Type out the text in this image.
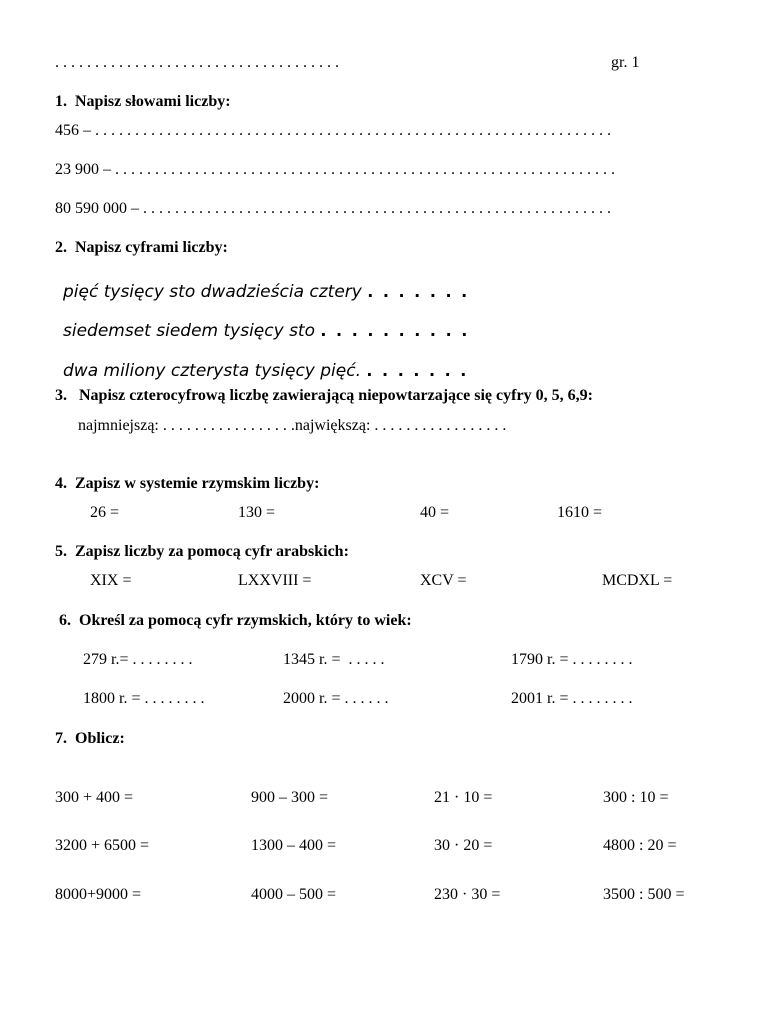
. . . . . . . . . . . . . . . . . . . . . . . . . . . . . . . . . . . .	gr. 1
1.  Napisz słowami liczby:
456 – . . . . . . . . . . . . . . . . . . . . . . . . . . . . . . . . . . . . . . . . . . . . . . . . . . . . . . . . . . . . . . . . .
23 900 – . . . . . . . . . . . . . . . . . . . . . . . . . . . . . . . . . . . . . . . . . . . . . . . . . . . . . . . . . . . . . . .
80 590 000 – . . . . . . . . . . . . . . . . . . . . . . . . . . . . . . . . . . . . . . . . . . . . . . . . . . . . . . . . . . .
2.  Napisz cyframi liczby:

pięć tysięcy sto dwadzieścia cztery . . . . . . .

siedemset siedem tysięcy sto . . . . . . . . . .

dwa miliony czterysta tysięcy pięć. . . . . . . .

3.   Napisz czterocyfrową liczbę zawierającą niepowtarzające się cyfry 0, 5, 6,9:
najmniejszą: . . . . . . . . . . . . . . . . .największą: . . . . . . . . . . . . . . . . .
4.  Zapisz w systemie rzymskim liczby:
26 =	130 =	40 =	1610 =
5.  Zapisz liczby za pomocą cyfr arabskich:
XIX =	LXXVIII =	XCV =	MCDXL =
6.  Określ za pomocą cyfr rzymskich, który to wiek:
279 r.= . . . . . . . .	1345 r. =  . . . . .	1790 r. = . . . . . . . .
1800 r. = . . . . . . . .	2000 r. = . . . . . .	2001 r. = . . . . . . . .
7.  Oblicz:
300 + 400 =	900 – 300 =	21 · 10 =	300 : 10 =
3200 + 6500 =	1300 – 400 =	30 · 20 =	4800 : 20 =
8000+9000 =	4000 – 500 =	230 · 30 =	3500 : 500 =
